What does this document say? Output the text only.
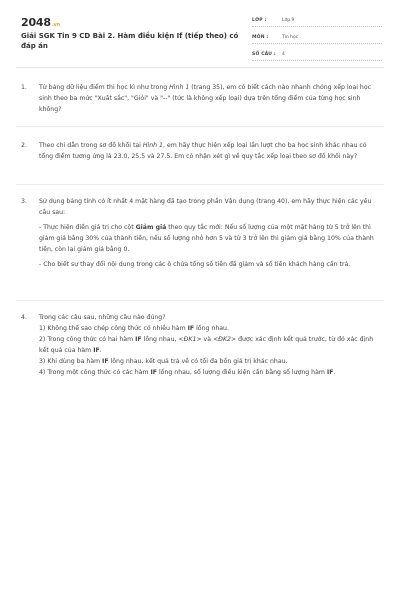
2048.vn
Giải SGK Tin 9 CD Bài 2. Hàm điều kiện If (tiếp theo) có đáp án
LỚP :	Lớp 9
MÔN :	Tin học
SỐ CÂU :	4
1.	Từ bảng dữ liệu điểm thi học kì như trong Hình 1 (trang 35), em có biết cách nào nhanh chóng xếp loại học sinh theo ba mức "Xuất sắc", "Giỏi" và "--" (tức là không xếp loại) dựa trên tổng điểm của từng học sinh không?
2.	Theo chỉ dẫn trong sơ đồ khối tại Hình 1, em hãy thực hiện xếp loại lần lượt cho ba học sinh khác nhau có tổng điểm tương ứng là 23.0, 25.5 và 27.5. Em có nhận xét gì về quy tắc xếp loại theo sơ đồ khối này?
3.	Sử dụng bảng tính có ít nhất 4 mặt hàng đã tạo trong phần Vận dụng (trang 40), em hãy thực hiện các yêu cầu sau:

- Thực hiện điền giá trị cho cột Giảm giá theo quy tắc mới: Nếu số lượng của một mặt hàng từ 5 trở lên thì giảm giá bằng 30% của thành tiền, nếu số lượng nhỏ hơn 5 và từ 3 trở lên thì giảm giá bằng 10% của thành tiền, còn lại giảm giá bằng 0.

- Cho biết sự thay đổi nội dung trong các ô chứa tổng số tiền đã giảm và số tiền khách hàng cần trả.

4.	Trong các câu sau, những câu nào đúng?

1) Không thể sao chép công thức có nhiều hàm IF lồng nhau.

2) Trong công thức có hai hàm IF lồng nhau, <ĐK1> và <ĐK2> được xác định kết quả trước, từ đó xác định kết quả của hàm IF.

3) Khi dùng ba hàm IF lồng nhau, kết quả trả về có tối đa bốn giá trị khác nhau.

4) Trong một công thức có các hàm IF lồng nhau, số lượng điều kiện cần bằng số lượng hàm IF.
